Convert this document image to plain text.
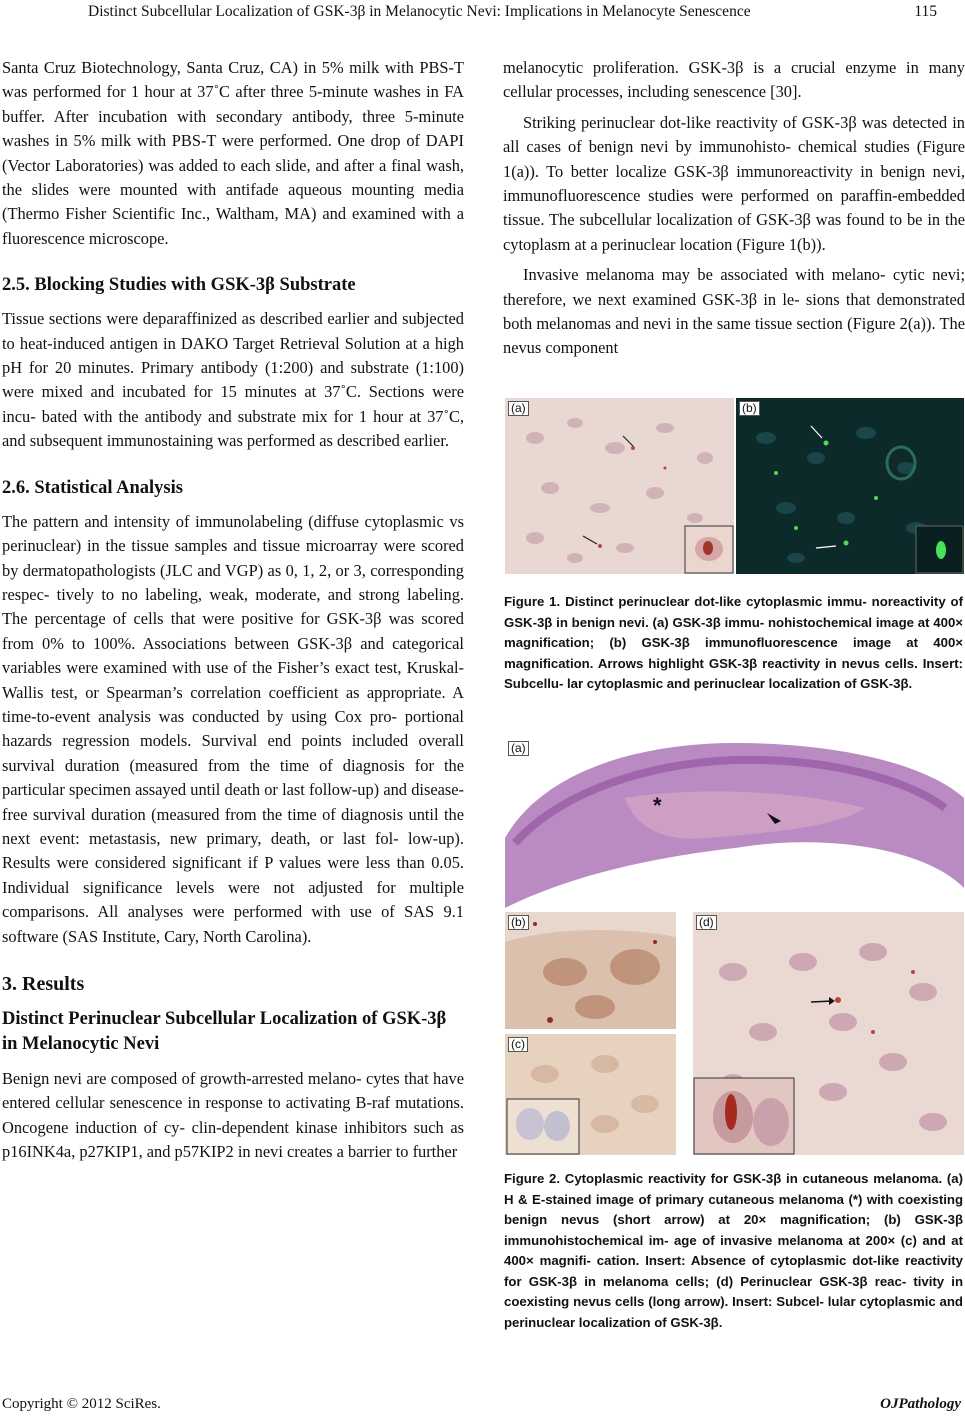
Distinct Subcellular Localization of GSK-3β in Melanocytic Nevi: Implications in Melanocyte Senescence	115

Santa Cruz Biotechnology, Santa Cruz, CA) in 5% milk with PBS-T was performed for 1 hour at 37˚C after three 5-minute washes in FA buffer. After incubation with secondary antibody, three 5-minute washes in 5% milk with PBS-T were performed. One drop of DAPI (Vector Laboratories) was added to each slide, and after a final wash, the slides were mounted with antifade aqueous mounting media (Thermo Fisher Scientific Inc., Waltham, MA) and examined with a fluorescence microscope.

2.5. Blocking Studies with GSK-3β Substrate

Tissue sections were deparaffinized as described earlier and subjected to heat-induced antigen in DAKO Target Retrieval Solution at a high pH for 20 minutes. Primary antibody (1:200) and substrate (1:100) were mixed and incubated for 15 minutes at 37˚C. Sections were incu- bated with the antibody and substrate mix for 1 hour at 37˚C, and subsequent immunostaining was performed as described earlier.

2.6. Statistical Analysis

The pattern and intensity of immunolabeling (diffuse cytoplasmic vs perinuclear) in the tissue samples and tissue microarray were scored by dermatopathologists (JLC and VGP) as 0, 1, 2, or 3, corresponding respec- tively to no labeling, weak, moderate, and strong labeling. The percentage of cells that were positive for GSK-3β was scored from 0% to 100%. Associations between GSK-3β and categorical variables were examined with use of the Fisher’s exact test, Kruskal-Wallis test, or Spearman’s correlation coefficient as appropriate. A time-to-event analysis was conducted by using Cox pro- portional hazards regression models. Survival end points included overall survival duration (measured from the time of diagnosis for the particular specimen assayed until death or last follow-up) and disease-free survival duration (measured from the time of diagnosis until the next event: metastasis, new primary, death, or last fol- low-up). Results were considered significant if P values were less than 0.05. Individual significance levels were not adjusted for multiple comparisons. All analyses were performed with use of SAS 9.1 software (SAS Institute, Cary, North Carolina).

3. Results
Distinct Perinuclear Subcellular Localization of GSK-3β in Melanocytic Nevi

Benign nevi are composed of growth-arrested melano- cytes that have entered cellular senescence in response to activating B-raf mutations. Oncogene induction of cy- clin-dependent kinase inhibitors such as p16INK4a, p27KIP1, and p57KIP2 in nevi creates a barrier to further

melanocytic proliferation. GSK-3β is a crucial enzyme in many cellular processes, including senescence [30].

Striking perinuclear dot-like reactivity of GSK-3β was detected in all cases of benign nevi by immunohisto- chemical studies (Figure 1(a)). To better localize GSK-3β immunoreactivity in benign nevi, immunofluorescence studies were performed on paraffin-embedded tissue. The subcellular localization of GSK-3β was found to be in the cytoplasm at a perinuclear location (Figure 1(b)).

Invasive melanoma may be associated with melano- cytic nevi; therefore, we next examined GSK-3β in le- sions that demonstrated both melanomas and nevi in the same tissue section (Figure 2(a)). The nevus component

(a)	(b)
Figure 1. Distinct perinuclear dot-like cytoplasmic immu- noreactivity of GSK-3β in benign nevi. (a) GSK-3β immu- nohistochemical image at 400× magnification; (b) GSK-3β immunofluorescence image at 400× magnification. Arrows highlight GSK-3β reactivity in nevus cells. Insert: Subcellu- lar cytoplasmic and perinuclear localization of GSK-3β.
*
(a)
(b)
(c)
(d)
Figure 2. Cytoplasmic reactivity for GSK-3β in cutaneous melanoma. (a) H & E-stained image of primary cutaneous melanoma (*) with coexisting benign nevus (short arrow) at 20× magnification; (b) GSK-3β immunohistochemical im- age of invasive melanoma at 200× (c) and at 400× magnifi- cation. Insert: Absence of cytoplasmic dot-like reactivity for GSK-3β in melanoma cells; (d) Perinuclear GSK-3β reac- tivity in coexisting nevus cells (long arrow). Insert: Subcel- lular cytoplasmic and perinuclear localization of GSK-3β.
Copyright © 2012 SciRes.	OJPathology
